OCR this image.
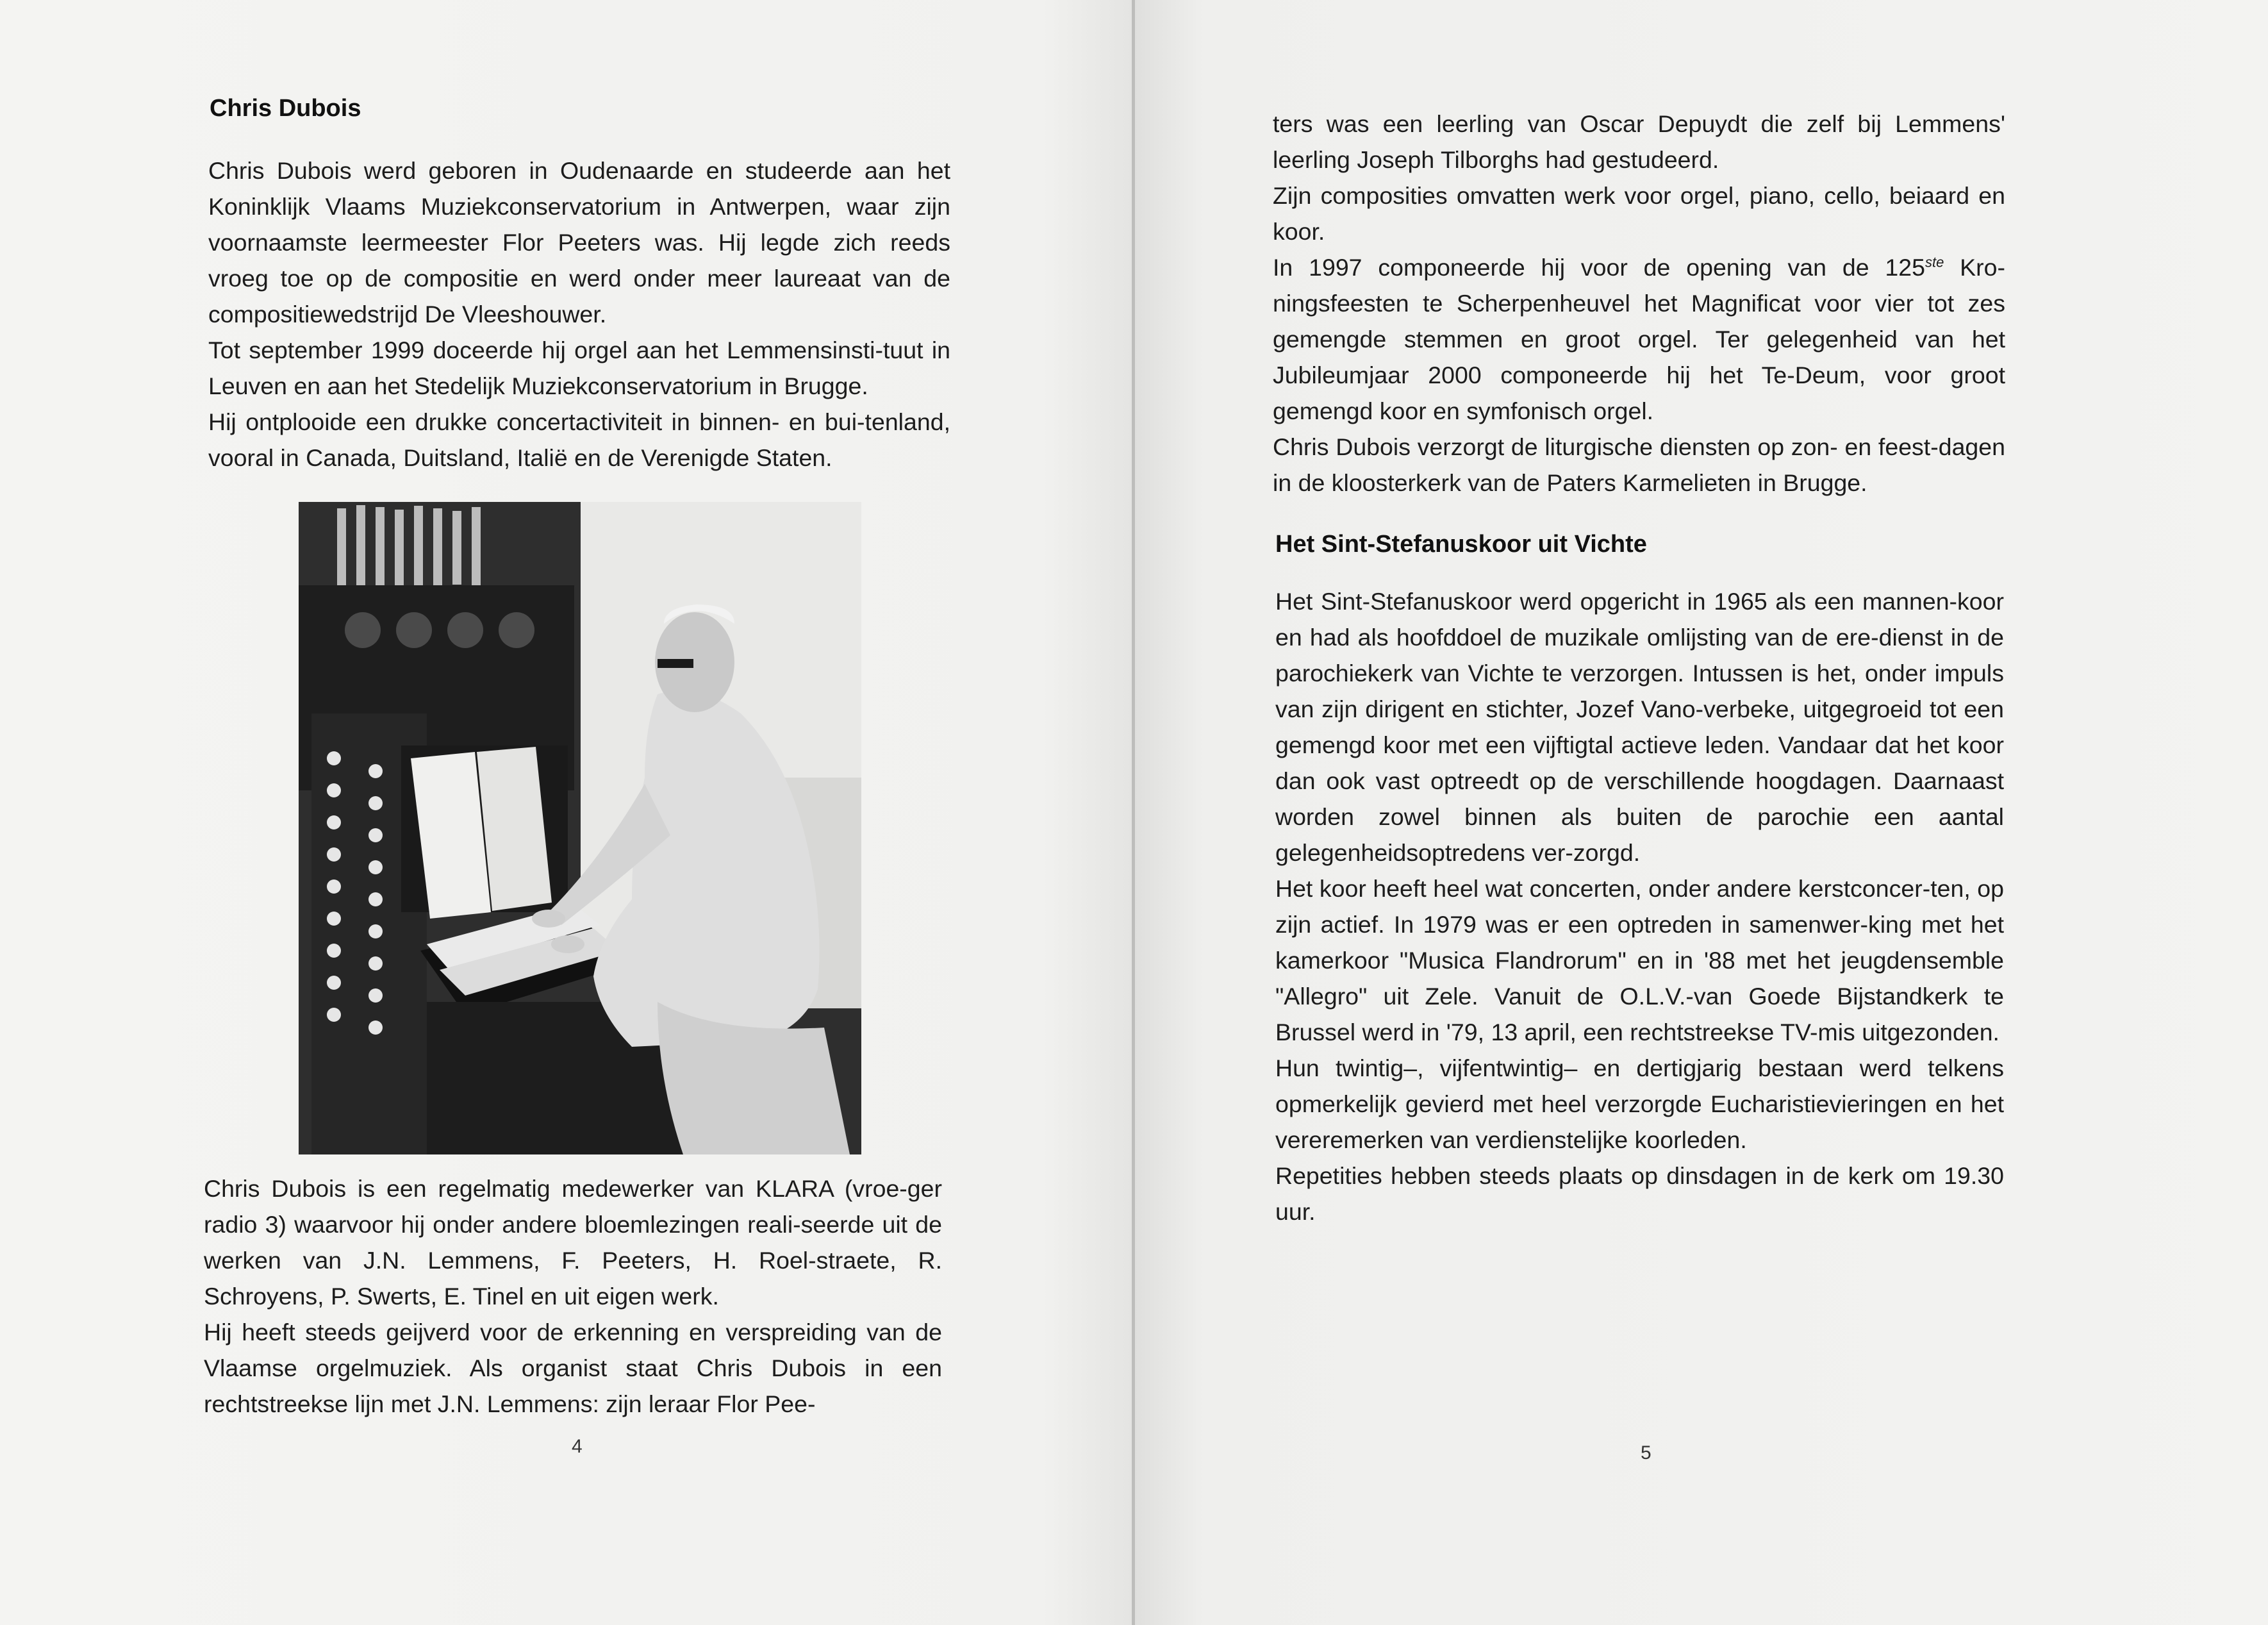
Chris Dubois

Chris Dubois werd geboren in Oudenaarde en studeerde aan het Koninklijk Vlaams Muziekconservatorium in Antwerpen, waar zijn voornaamste leermeester Flor Peeters was. Hij legde zich reeds vroeg toe op de compositie en werd onder meer laureaat van de compositiewedstrijd De Vleeshouwer.

Tot september 1999 doceerde hij orgel aan het Lemmensinsti-tuut in Leuven en aan het Stedelijk Muziekconservatorium in Brugge.

Hij ontplooide een drukke concertactiviteit in binnen- en bui-tenland, vooral in Canada, Duitsland, Italië en de Verenigde Staten.

Chris Dubois is een regelmatig medewerker van KLARA (vroe-ger radio 3) waarvoor hij onder andere bloemlezingen reali-seerde uit de werken van J.N. Lemmens, F. Peeters, H. Roel-straete, R. Schroyens, P. Swerts, E. Tinel en uit eigen werk.

Hij heeft steeds geijverd voor de erkenning en verspreiding van de Vlaamse orgelmuziek. Als organist staat Chris Dubois in een rechtstreekse lijn met J.N. Lemmens: zijn leraar Flor Pee-

4

ters was een leerling van Oscar Depuydt die zelf bij Lemmens' leerling Joseph Tilborghs had gestudeerd.

Zijn composities omvatten werk voor orgel, piano, cello, beiaard en koor.

In 1997 componeerde hij voor de opening van de 125ste Kro-ningsfeesten te Scherpenheuvel het Magnificat voor vier tot zes gemengde stemmen en groot orgel. Ter gelegenheid van het Jubileumjaar 2000 componeerde hij het Te-Deum, voor groot gemengd koor en symfonisch orgel.

Chris Dubois verzorgt de liturgische diensten op zon- en feest-dagen in de kloosterkerk van de Paters Karmelieten in Brugge.

Het Sint-Stefanuskoor uit Vichte

Het Sint-Stefanuskoor werd opgericht in 1965 als een mannen-koor en had als hoofddoel de muzikale omlijsting van de ere-dienst in de parochiekerk van Vichte te verzorgen. Intussen is het, onder impuls van zijn dirigent en stichter, Jozef Vano-verbeke, uitgegroeid tot een gemengd koor met een vijftigtal actieve leden. Vandaar dat het koor dan ook vast optreedt op de verschillende hoogdagen. Daarnaast worden zowel binnen als buiten de parochie een aantal gelegenheidsoptredens ver-zorgd.

Het koor heeft heel wat concerten, onder andere kerstconcer-ten, op zijn actief. In 1979 was er een optreden in samenwer-king met het kamerkoor "Musica Flandrorum" en in '88 met het jeugdensemble "Allegro" uit Zele. Vanuit de O.L.V.-van Goede Bijstandkerk te Brussel werd in '79, 13 april, een rechtstreekse TV-mis uitgezonden.

Hun twintig–, vijfentwintig– en dertigjarig bestaan werd telkens opmerkelijk gevierd met heel verzorgde Eucharistievieringen en het vereremerken van verdienstelijke koorleden.

Repetities hebben steeds plaats op dinsdagen in de kerk om 19.30 uur.

5
